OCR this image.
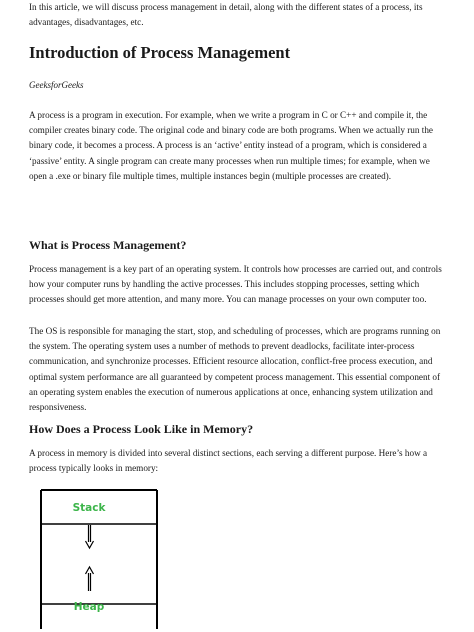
Introduction of Process Management
GeeksforGeeks

A process is a program in execution. For example, when we write a program in C or C++ and compile it, the compiler creates binary code. The original code and binary code are both programs. When we actually run the binary code, it becomes a process. A process is an ‘active’ entity instead of a program, which is considered a ‘passive’ entity. A single program can create many processes when run multiple times; for example, when we open a .exe or binary file multiple times, multiple instances begin (multiple processes are created).

In this article, we will discuss process management in detail, along with the different states of a process, its advantages, disadvantages, etc.

What is Process Management?

Process management is a key part of an operating system. It controls how processes are carried out, and controls how your computer runs by handling the active processes. This includes stopping processes, setting which processes should get more attention, and many more. You can manage processes on your own computer too.

The OS is responsible for managing the start, stop, and scheduling of processes, which are programs running on the system. The operating system uses a number of methods to prevent deadlocks, facilitate inter-process communication, and synchronize processes. Efficient resource allocation, conflict-free process execution, and optimal system performance are all guaranteed by competent process management. This essential component of an operating system enables the execution of numerous applications at once, enhancing system utilization and responsiveness.

How Does a Process Look Like in Memory?

A process in memory is divided into several distinct sections, each serving a different purpose. Here’s how a process typically looks in memory:

Stack
Heap
